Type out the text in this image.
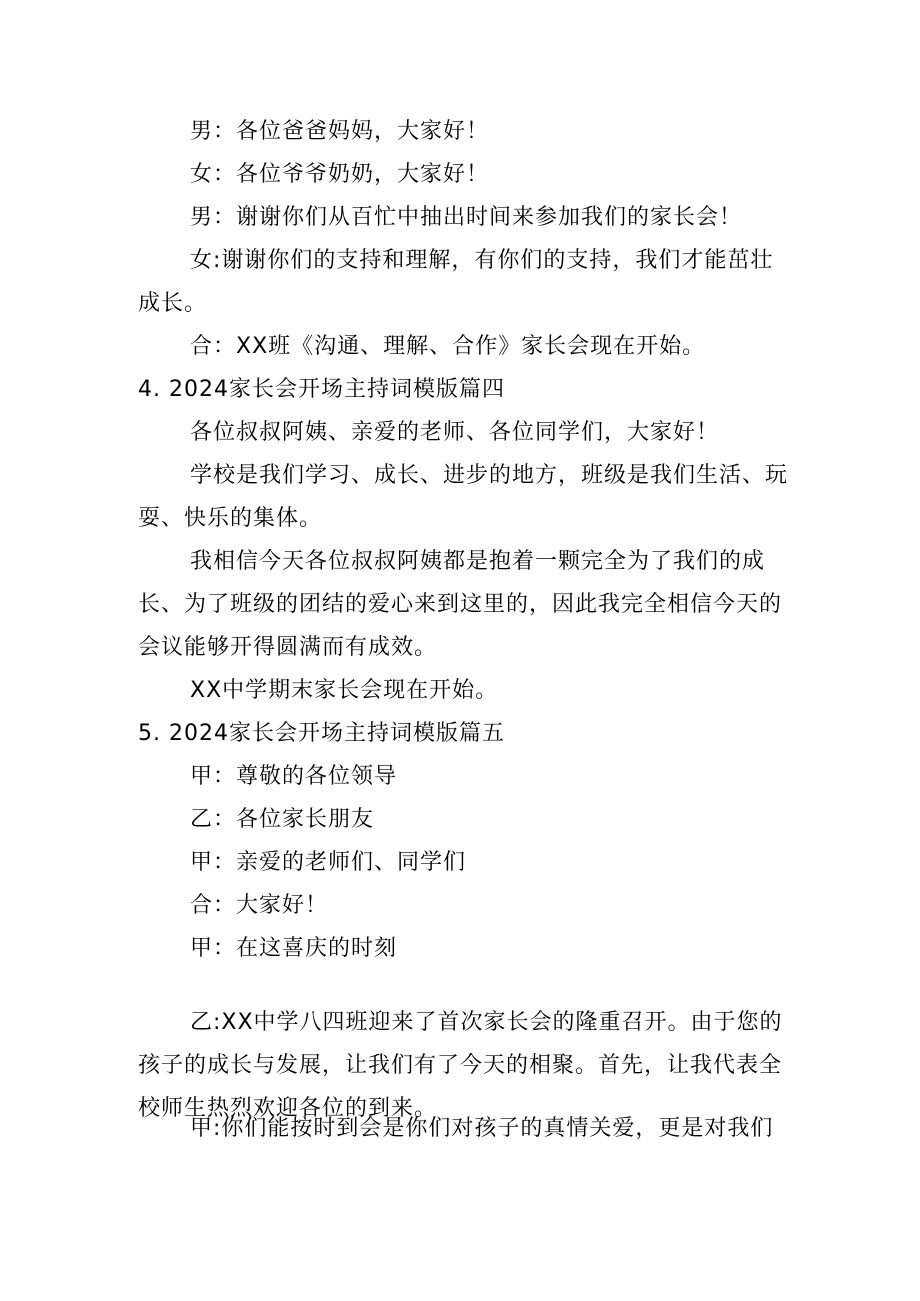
男：各位爸爸妈妈，大家好！
女：各位爷爷奶奶，大家好！
男：谢谢你们从百忙中抽出时间来参加我们的家长会！
女:谢谢你们的支持和理解，有你们的支持，我们才能茁壮成长。
合：XX班《沟通、理解、合作》家长会现在开始。
4. 2024家长会开场主持词模版篇四
各位叔叔阿姨、亲爱的老师、各位同学们，大家好！
学校是我们学习、成长、进步的地方，班级是我们生活、玩耍、快乐的集体。
我相信今天各位叔叔阿姨都是抱着一颗完全为了我们的成长、为了班级的团结的爱心来到这里的，因此我完全相信今天的会议能够开得圆满而有成效。
XX中学期末家长会现在开始。
5. 2024家长会开场主持词模版篇五
甲：尊敬的各位领导
乙：各位家长朋友
甲：亲爱的老师们、同学们
合：大家好！
甲：在这喜庆的时刻
乙:XX中学八四班迎来了首次家长会的隆重召开。由于您的孩子的成长与发展，让我们有了今天的相聚。首先，让我代表全校师生热烈欢迎各位的到来。
甲:你们能按时到会是你们对孩子的真情关爱，更是对我们
